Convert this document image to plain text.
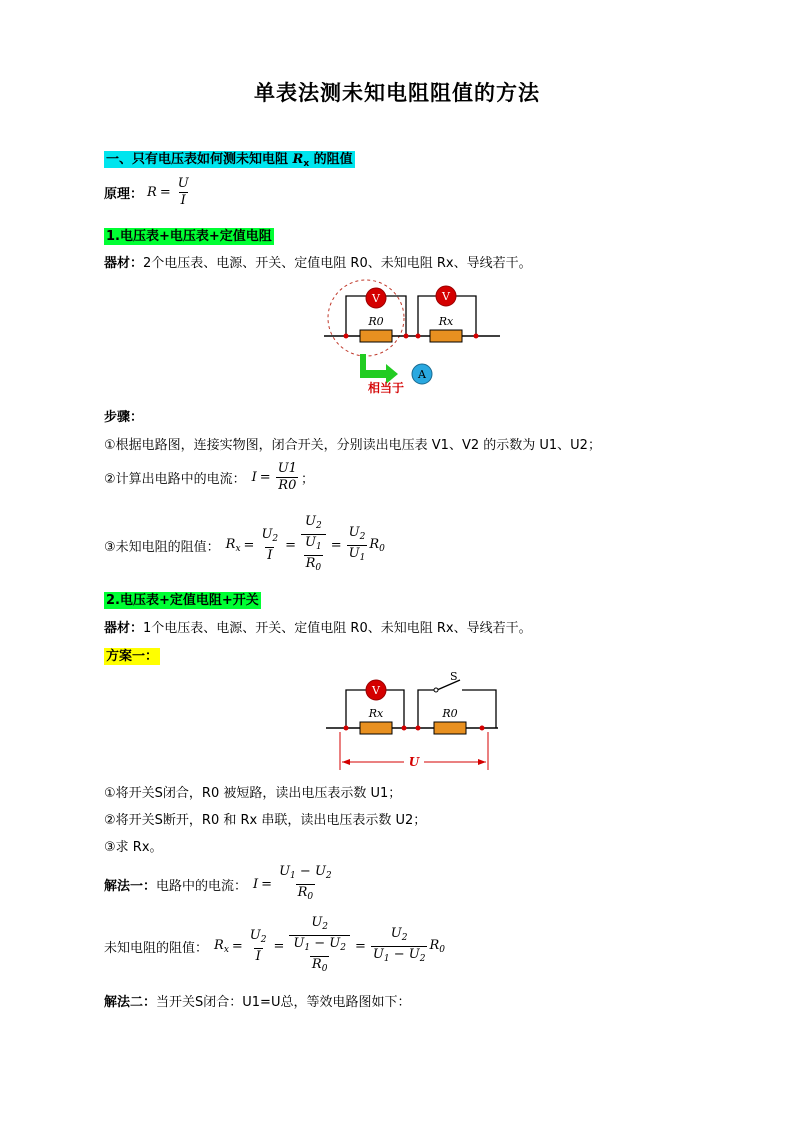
单表法测未知电阻阻值的方法
一、只有电压表如何测未知电阻 $R_x$ 的阻值
原理： $R = \frac{U}{I}$
1.电压表+电压表+定值电阻
器材：2个电压表、电源、开关、定值电阻 R0、未知电阻 Rx、导线若干。
V	V
R0	Rx
A
相当于
步骤：
①根据电路图，连接实物图，闭合开关，分别读出电压表 V1、V2 的示数为 U1、U2；
②计算出电路中的电流： $I = \frac{U1}{R0}$ ；
③未知电阻的阻值： $R_x = \frac{U_2}{I} = \frac{U_2}{\frac{U_1}{R_0}} = \frac{U_2}{U_1} R_0$
2.电压表+定值电阻+开关
器材：1个电压表、电源、开关、定值电阻 R0、未知电阻 Rx、导线若干。
方案一：
S
V
Rx	R0
U
①将开关S闭合，R0 被短路，读出电压表示数 U1；
②将开关S断开，R0 和 Rx 串联，读出电压表示数 U2；
③求 Rx。
解法一： 电路中的电流： $I = \frac{U_1 - U_2}{R_0}$
未知电阻的阻值： $R_x = \frac{U_2}{I} = \frac{U_2}{\frac{U_1 - U_2}{R_0}} = \frac{U_2}{U_1 - U_2} R_0$
解法二：当开关S闭合：U1=U总，等效电路图如下：
